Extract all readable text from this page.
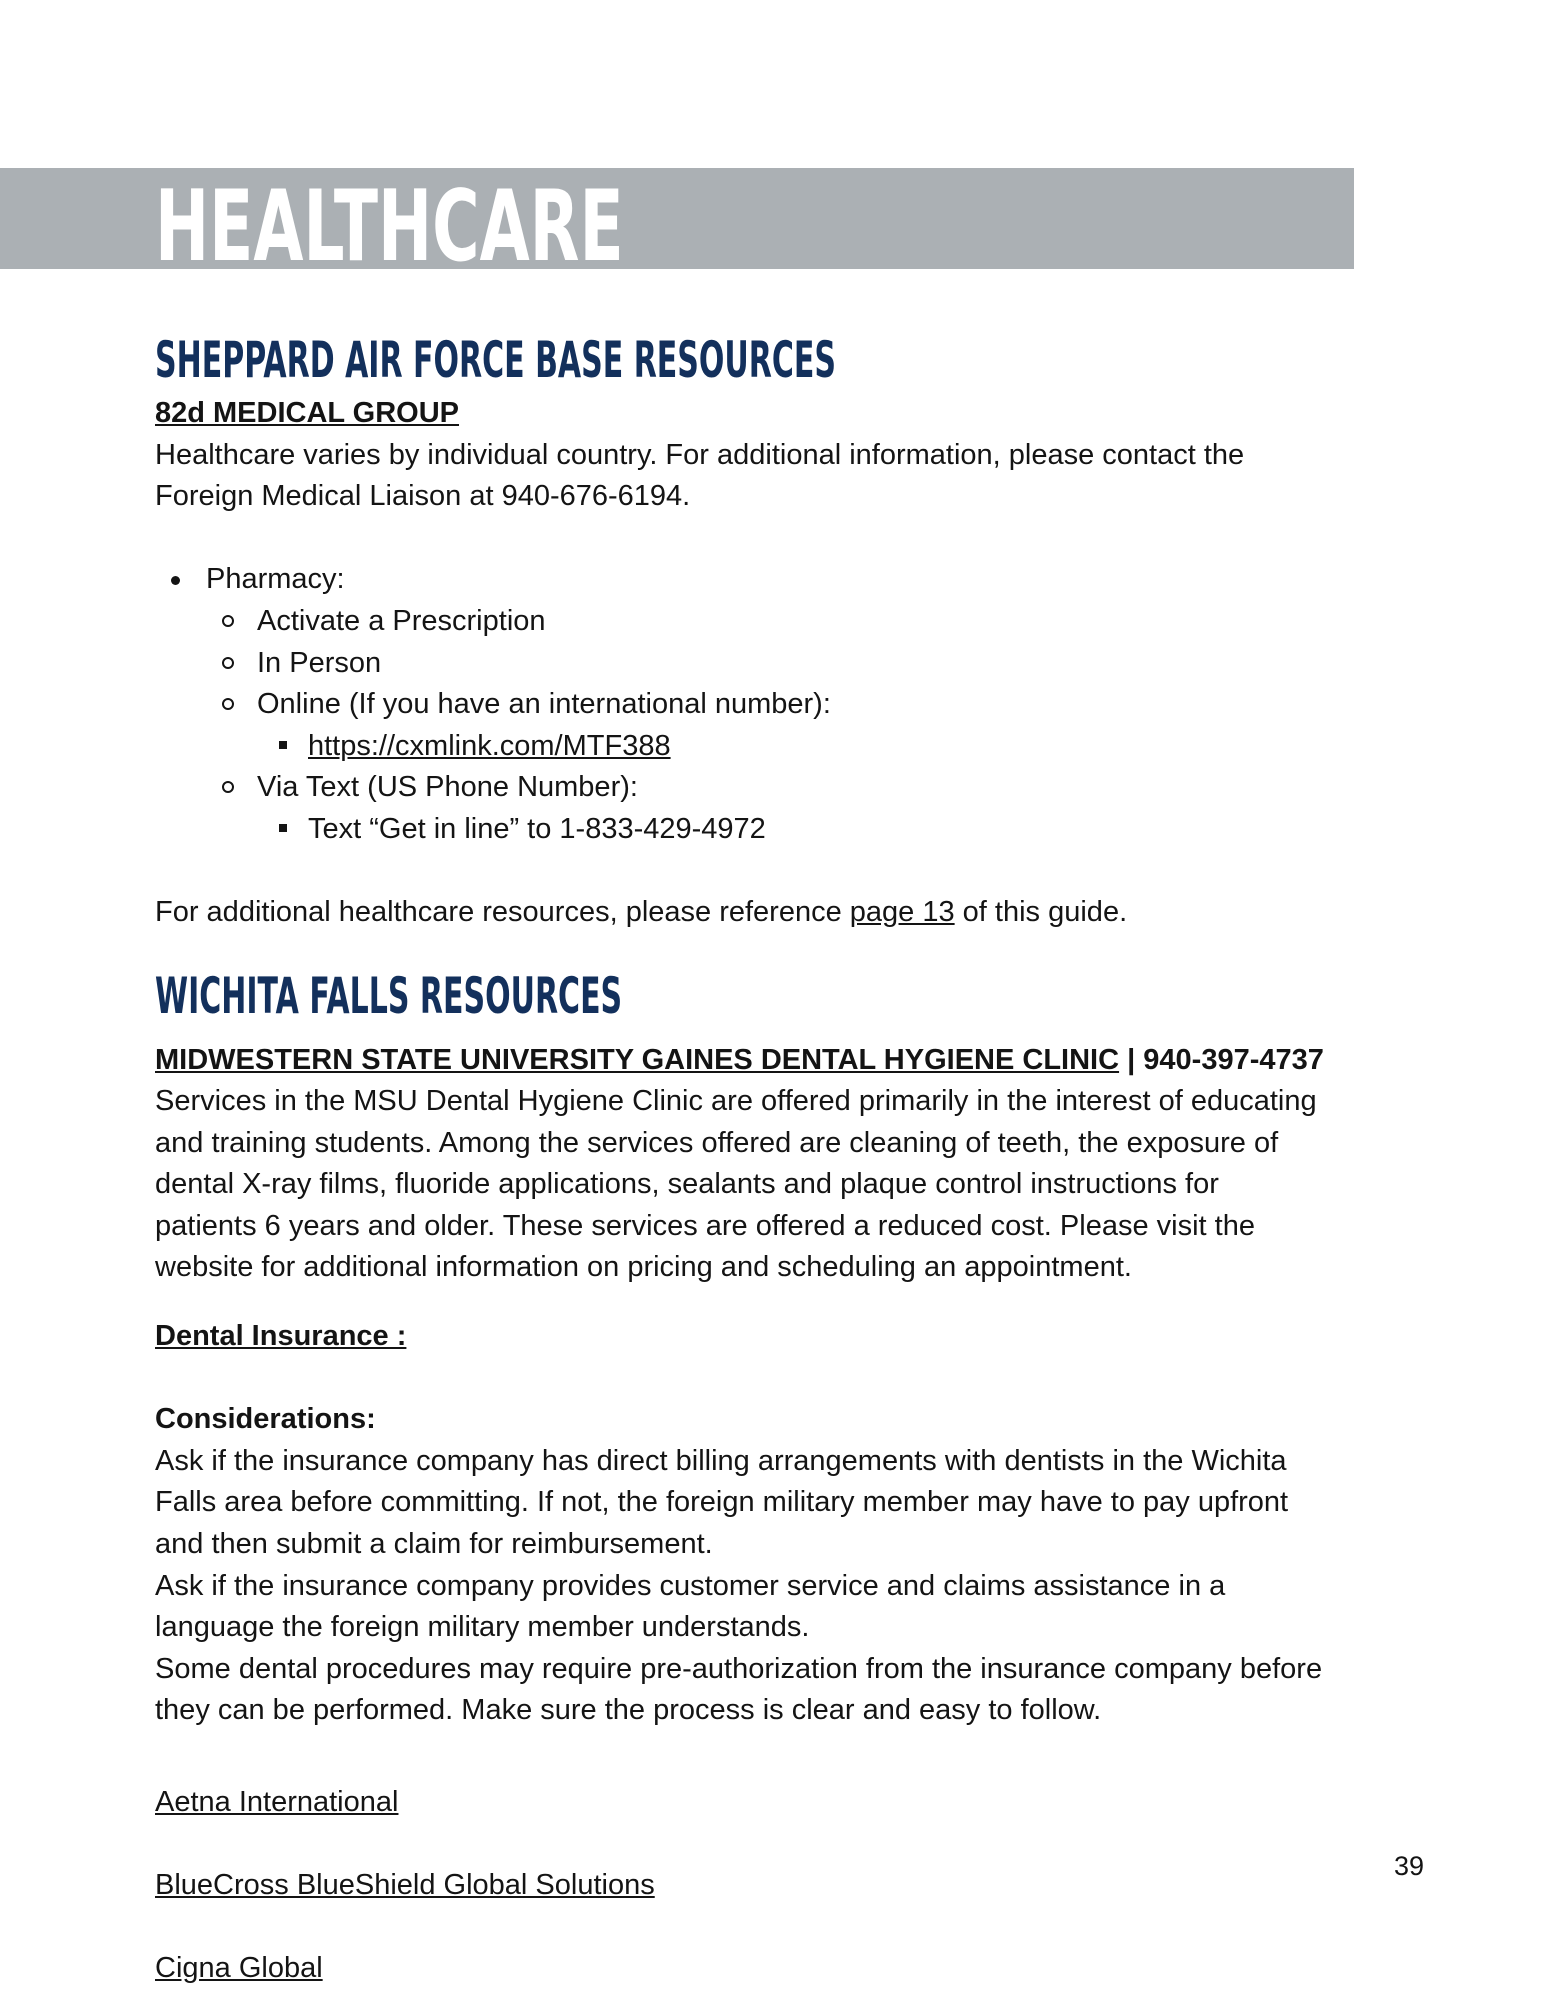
HEALTHCARE
SHEPPARD AIR FORCE BASE RESOURCES

82d MEDICAL GROUP

Healthcare varies by individual country. For additional information, please contact the

Foreign Medical Liaison at 940-676-6194.

Pharmacy:

Activate a Prescription

In Person

Online (If you have an international number):

https://cxmlink.com/MTF388

Via Text (US Phone Number):

Text “Get in line” to 1-833-429-4972

For additional healthcare resources, please reference page 13 of this guide.

WICHITA FALLS RESOURCES

MIDWESTERN STATE UNIVERSITY GAINES DENTAL HYGIENE CLINIC | 940-397-4737

Services in the MSU Dental Hygiene Clinic are offered primarily in the interest of educating

and training students. Among the services offered are cleaning of teeth, the exposure of

dental X-ray films, fluoride applications, sealants and plaque control instructions for

patients 6 years and older. These services are offered a reduced cost. Please visit the

website for additional information on pricing and scheduling an appointment.

Dental Insurance :

Considerations:

Ask if the insurance company has direct billing arrangements with dentists in the Wichita

Falls area before committing. If not, the foreign military member may have to pay upfront

and then submit a claim for reimbursement.

Ask if the insurance company provides customer service and claims assistance in a

language the foreign military member understands.

Some dental procedures may require pre-authorization from the insurance company before

they can be performed. Make sure the process is clear and easy to follow.

Aetna International
BlueCross BlueShield Global Solutions
Cigna Global

39
